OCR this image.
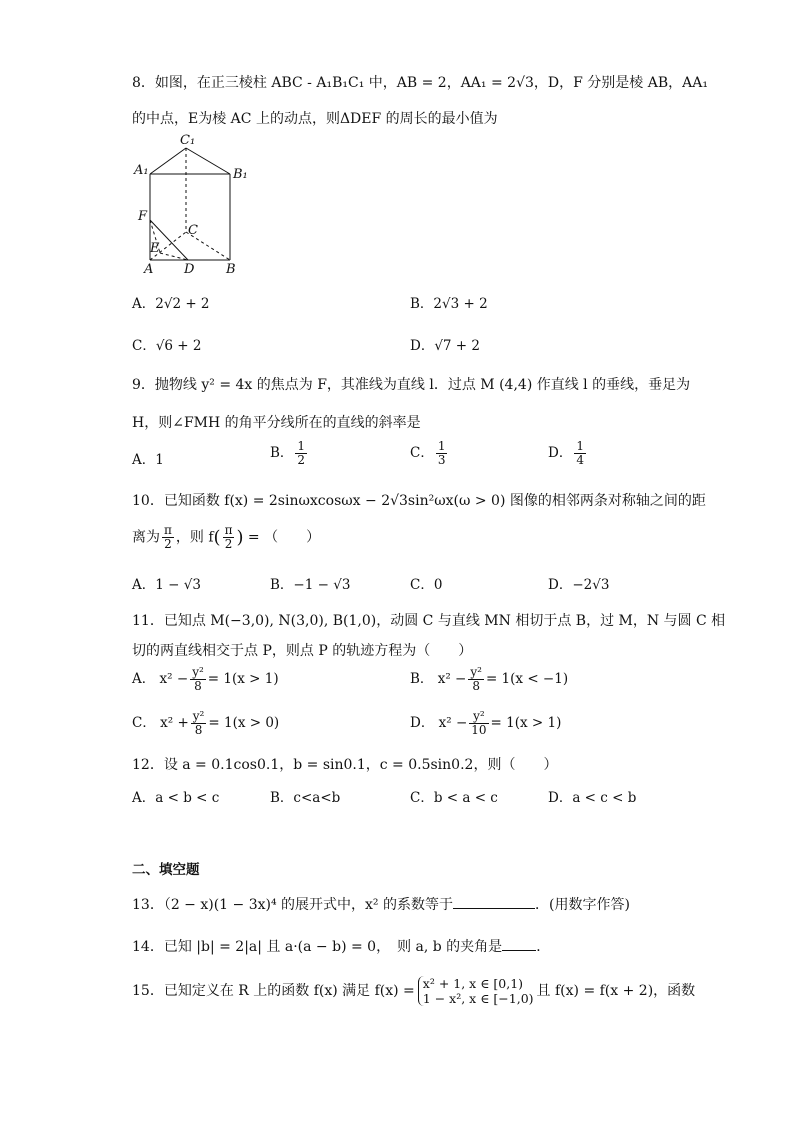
8．如图，在正三棱柱 ABC - A₁B₁C₁ 中，AB = 2，AA₁ = 2√3，D，F 分别是棱 AB，AA₁
的中点，E为棱 AC 上的动点，则ΔDEF 的周长的最小值为
C₁
A₁	B₁
F
C
E
A D B
A．2√2 + 2	B．2√3 + 2
C．√6 + 2	D．√7 + 2
9．抛物线 y² = 4x 的焦点为 F，其准线为直线 l．过点 M (4,4) 作直线 l 的垂线，垂足为
H，则∠FMH 的角平分线所在的直线的斜率是
A．1	B． $\frac{1}{2}$	C． $\frac{1}{3}$	D． $\frac{1}{4}$
10．已知函数 f(x) = 2sinωxcosωx − 2√3sin²ωx(ω > 0) 图像的相邻两条对称轴之间的距
离为 $\frac{\pi}{2}$ ，则 $f( \frac{\pi}{2}$ ) = （　　）
A．1 − √3	B．−1 − √3	C．0	D．−2√3
11．已知点 M(−3,0), N(3,0), B(1,0)，动圆 C 与直线 MN 相切于点 B，过 M，N 与圆 C 相
切的两直线相交于点 P，则点 P 的轨迹方程为（　　）
A． $x^2 - \frac{\text{y²}}{8} = 1(x > 1)$	B． $x^2 - \frac{\text{y²}}{8} = 1(x < -1)$
C． $x^2 + \frac{\text{y²}}{8} = 1(x > 0)$	D． $x^2 - \frac{\text{y²}}{10} = 1(x > 1)$
12．设 a = 0.1cos0.1，b = sin0.1，c = 0.5sin0.2，则（　　）
A．a < b < c	B．c<a<b	C．b < a < c	D．a < c < b
二、填空题
13．（2 − x)(1 − 3x)⁴ 的展开式中，x² 的系数等于	．(用数字作答)
14．已知 |b| = 2|a| 且 a·(a − b) = 0，　则 a, b 的夹角是 ．
15．已知定义在 R 上的函数 f(x) 满足 f(x) = x² + 1, x ∈ [0,1)
1 − x², x ∈ [−1,0) 且 f(x) = f(x + 2)，函数
